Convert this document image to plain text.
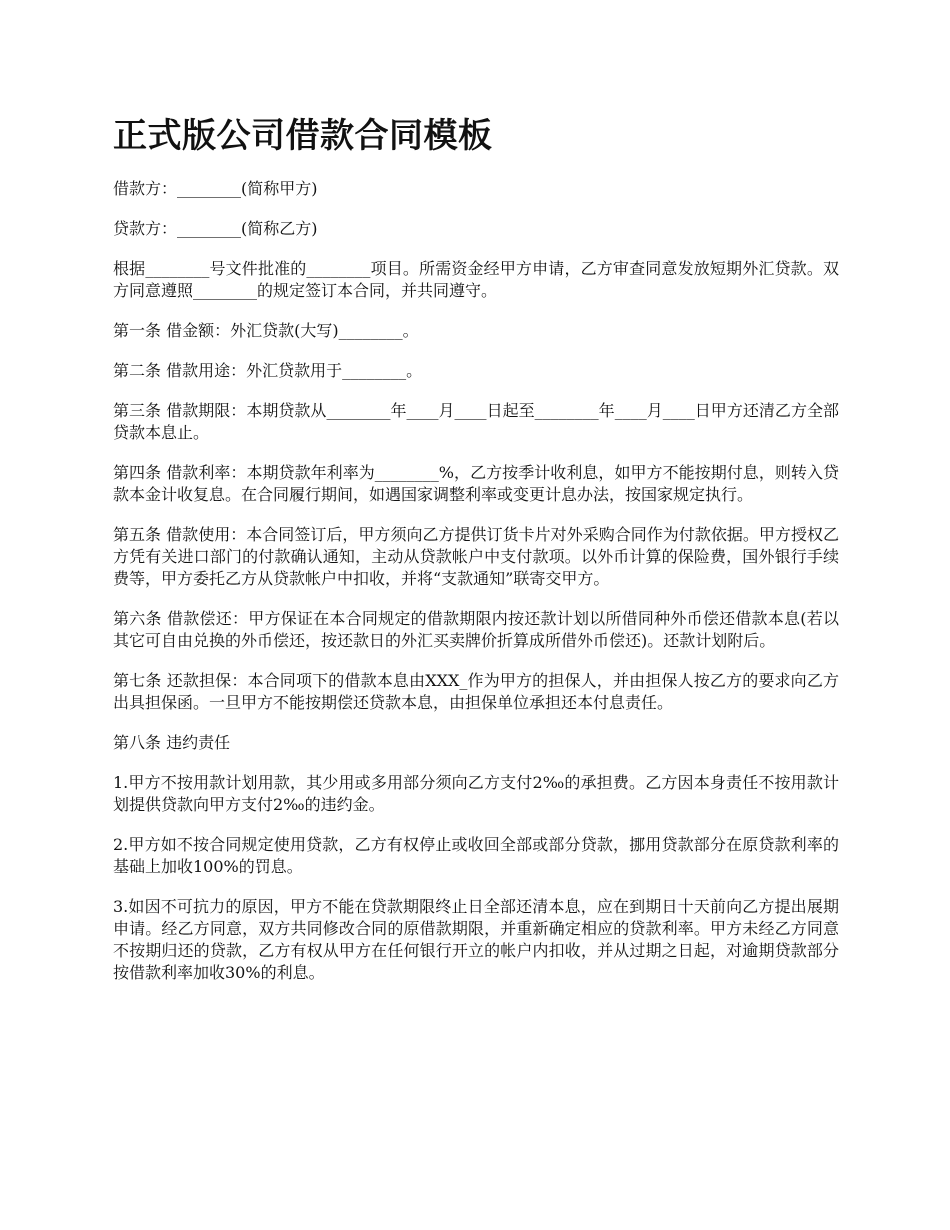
正式版公司借款合同模板

借款方：________(简称甲方)

贷款方：________(简称乙方)

根据________号文件批准的________项目。所需资金经甲方申请，乙方审查同意发放短期外汇贷款。双方同意遵照________的规定签订本合同，并共同遵守。

第一条 借金额：外汇贷款(大写)________。

第二条 借款用途：外汇贷款用于________。

第三条 借款期限：本期贷款从________年____月____日起至________年____月____日甲方还清乙方全部贷款本息止。

第四条 借款利率：本期贷款年利率为________%，乙方按季计收利息，如甲方不能按期付息，则转入贷款本金计收复息。在合同履行期间，如遇国家调整利率或变更计息办法，按国家规定执行。

第五条 借款使用：本合同签订后，甲方须向乙方提供订货卡片对外采购合同作为付款依据。甲方授权乙方凭有关进口部门的付款确认通知，主动从贷款帐户中支付款项。以外币计算的保险费，国外银行手续费等，甲方委托乙方从贷款帐户中扣收，并将“支款通知”联寄交甲方。

第六条 借款偿还：甲方保证在本合同规定的借款期限内按还款计划以所借同种外币偿还借款本息(若以其它可自由兑换的外币偿还，按还款日的外汇买卖牌价折算成所借外币偿还)。还款计划附后。

第七条 还款担保：本合同项下的借款本息由XXX_作为甲方的担保人，并由担保人按乙方的要求向乙方出具担保函。一旦甲方不能按期偿还贷款本息，由担保单位承担还本付息责任。

第八条 违约责任

1.甲方不按用款计划用款，其少用或多用部分须向乙方支付2‰的承担费。乙方因本身责任不按用款计划提供贷款向甲方支付2‰的违约金。

2.甲方如不按合同规定使用贷款，乙方有权停止或收回全部或部分贷款，挪用贷款部分在原贷款利率的基础上加收100%的罚息。

3.如因不可抗力的原因，甲方不能在贷款期限终止日全部还清本息，应在到期日十天前向乙方提出展期申请。经乙方同意，双方共同修改合同的原借款期限，并重新确定相应的贷款利率。甲方未经乙方同意不按期归还的贷款，乙方有权从甲方在任何银行开立的帐户内扣收，并从过期之日起，对逾期贷款部分按借款利率加收30%的利息。
